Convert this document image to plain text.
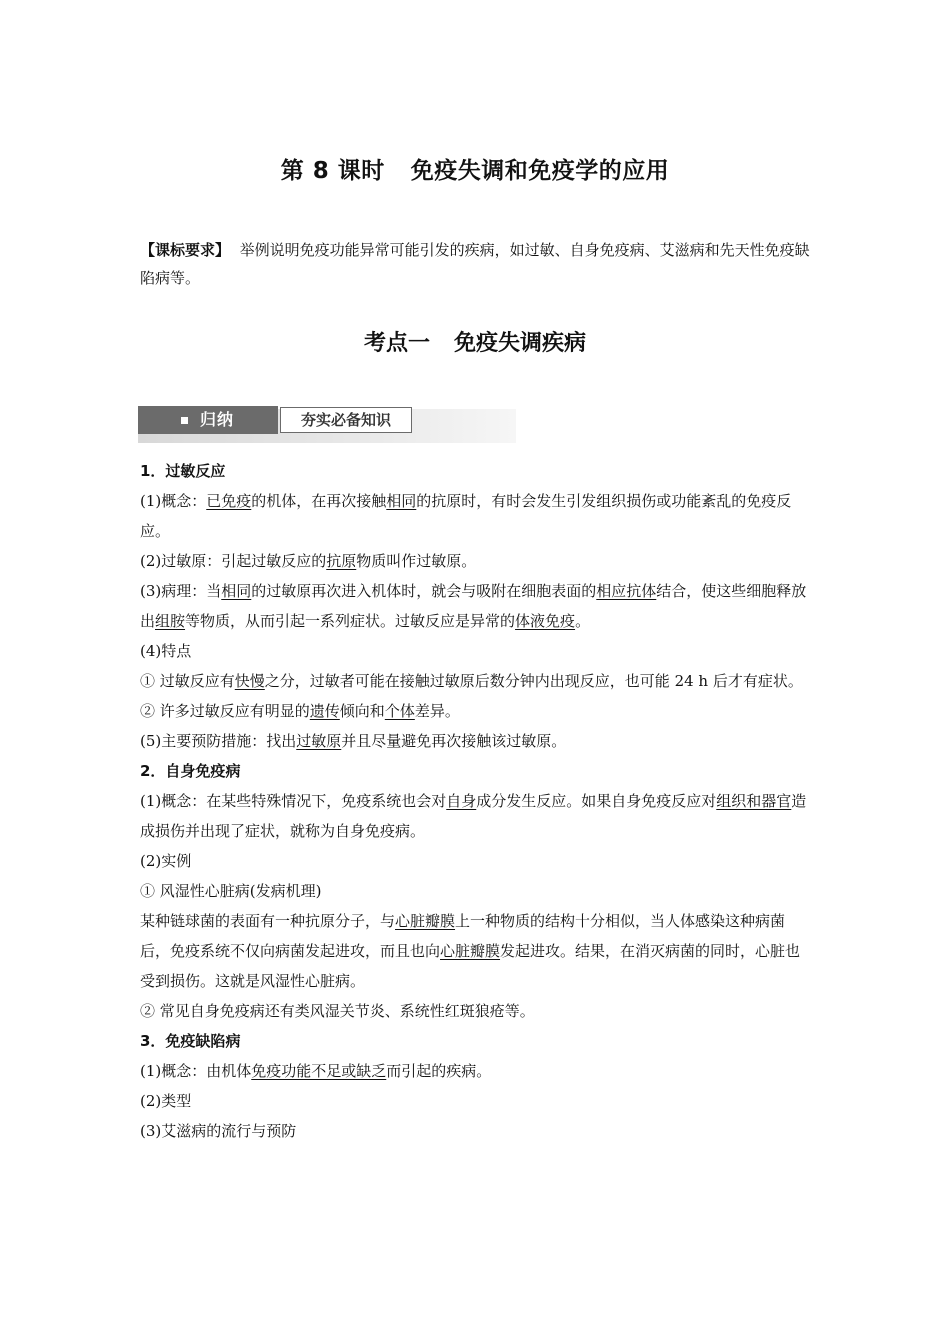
第 8 课时 免疫失调和免疫学的应用
【课标要求】 举例说明免疫功能异常可能引发的疾病，如过敏、自身免疫病、艾滋病和先天性免疫缺陷病等。
考点一 免疫失调疾病
归纳	夯实必备知识

1．过敏反应

(1)概念：已免疫的机体，在再次接触相同的抗原时，有时会发生引发组织损伤或功能紊乱的免疫反应。

(2)过敏原：引起过敏反应的抗原物质叫作过敏原。

(3)病理：当相同的过敏原再次进入机体时，就会与吸附在细胞表面的相应抗体结合，使这些细胞释放出组胺等物质，从而引起一系列症状。过敏反应是异常的体液免疫。

(4)特点

① 过敏反应有快慢之分，过敏者可能在接触过敏原后数分钟内出现反应，也可能 24 h 后才有症状。

② 许多过敏反应有明显的遗传倾向和个体差异。

(5)主要预防措施：找出过敏原并且尽量避免再次接触该过敏原。

2．自身免疫病

(1)概念：在某些特殊情况下，免疫系统也会对自身成分发生反应。如果自身免疫反应对组织和器官造成损伤并出现了症状，就称为自身免疫病。

(2)实例

① 风湿性心脏病(发病机理)

某种链球菌的表面有一种抗原分子，与心脏瓣膜上一种物质的结构十分相似，当人体感染这种病菌后，免疫系统不仅向病菌发起进攻，而且也向心脏瓣膜发起进攻。结果，在消灭病菌的同时，心脏也受到损伤。这就是风湿性心脏病。

② 常见自身免疫病还有类风湿关节炎、系统性红斑狼疮等。

3．免疫缺陷病

(1)概念：由机体免疫功能不足或缺乏而引起的疾病。

(2)类型

(3)艾滋病的流行与预防
